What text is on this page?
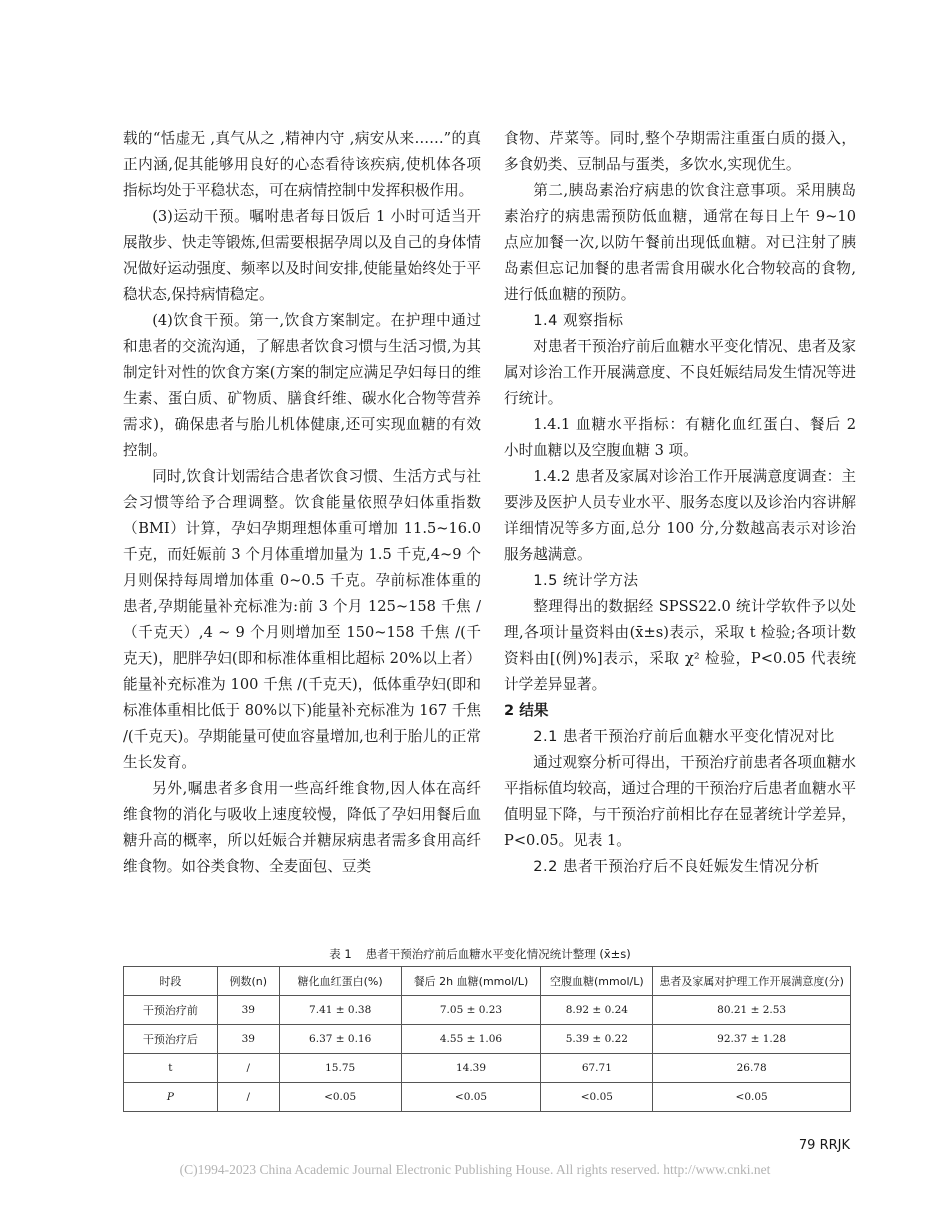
载的“恬虚无 ,真气从之 ,精神内守 ,病安从来……”的真正内涵,促其能够用良好的心态看待该疾病,使机体各项指标均处于平稳状态，可在病情控制中发挥积极作用。

(3)运动干预。嘱咐患者每日饭后 1 小时可适当开展散步、快走等锻炼,但需要根据孕周以及自己的身体情况做好运动强度、频率以及时间安排,使能量始终处于平稳状态,保持病情稳定。

(4)饮食干预。第一,饮食方案制定。在护理中通过和患者的交流沟通，了解患者饮食习惯与生活习惯,为其制定针对性的饮食方案(方案的制定应满足孕妇每日的维生素、蛋白质、矿物质、膳食纤维、碳水化合物等营养需求)，确保患者与胎儿机体健康,还可实现血糖的有效控制。

同时,饮食计划需结合患者饮食习惯、生活方式与社会习惯等给予合理调整。饮食能量依照孕妇体重指数（BMI）计算，孕妇孕期理想体重可增加 11.5~16.0 千克，而妊娠前 3 个月体重增加量为 1.5 千克,4~9 个月则保持每周增加体重 0~0.5 千克。孕前标准体重的患者,孕期能量补充标准为:前 3 个月 125~158 千焦 /（千克天）,4 ~ 9 个月则增加至 150~158 千焦 /(千克天)，肥胖孕妇(即和标准体重相比超标 20%以上者）能量补充标准为 100 千焦 /(千克天)，低体重孕妇(即和标准体重相比低于 80%以下)能量补充标准为 167 千焦 /(千克天)。孕期能量可使血容量增加,也利于胎儿的正常生长发育。

另外,嘱患者多食用一些高纤维食物,因人体在高纤维食物的消化与吸收上速度较慢，降低了孕妇用餐后血糖升高的概率，所以妊娠合并糖尿病患者需多食用高纤维食物。如谷类食物、全麦面包、豆类

食物、芹菜等。同时,整个孕期需注重蛋白质的摄入，多食奶类、豆制品与蛋类，多饮水,实现优生。

第二,胰岛素治疗病患的饮食注意事项。采用胰岛素治疗的病患需预防低血糖，通常在每日上午 9~10 点应加餐一次,以防午餐前出现低血糖。对已注射了胰岛素但忘记加餐的患者需食用碳水化合物较高的食物,进行低血糖的预防。

1.4 观察指标

对患者干预治疗前后血糖水平变化情况、患者及家属对诊治工作开展满意度、不良妊娠结局发生情况等进行统计。

1.4.1 血糖水平指标：有糖化血红蛋白、餐后 2 小时血糖以及空腹血糖 3 项。

1.4.2 患者及家属对诊治工作开展满意度调查：主要涉及医护人员专业水平、服务态度以及诊治内容讲解详细情况等多方面,总分 100 分,分数越高表示对诊治服务越满意。

1.5 统计学方法

整理得出的数据经 SPSS22.0 统计学软件予以处理,各项计量资料由(x̄±s)表示，采取 t 检验;各项计数资料由[(例)%]表示，采取 χ² 检验，P<0.05 代表统计学差异显著。

2 结果
2.1 患者干预治疗前后血糖水平变化情况对比

通过观察分析可得出，干预治疗前患者各项血糖水平指标值均较高，通过合理的干预治疗后患者血糖水平值明显下降，与干预治疗前相比存在显著统计学差异，P<0.05。见表 1。

2.2 患者干预治疗后不良妊娠发生情况分析
表 1 患者干预治疗前后血糖水平变化情况统计整理 (x̄±s)
时段	例数(n)	糖化血红蛋白(%)	餐后 2h 血糖(mmol/L)	空腹血糖(mmol/L)	患者及家属对护理工作开展满意度(分)
干预治疗前	39	7.41 ± 0.38	7.05 ± 0.23	8.92 ± 0.24	80.21 ± 2.53
干预治疗后	39	6.37 ± 0.16	4.55 ± 1.06	5.39 ± 0.22	92.37 ± 1.28
t	/	15.75	14.39	67.71	26.78
P	/	<0.05	<0.05	<0.05	<0.05
79 RRJK
(C)1994-2023 China Academic Journal Electronic Publishing House. All rights reserved. http://www.cnki.net
